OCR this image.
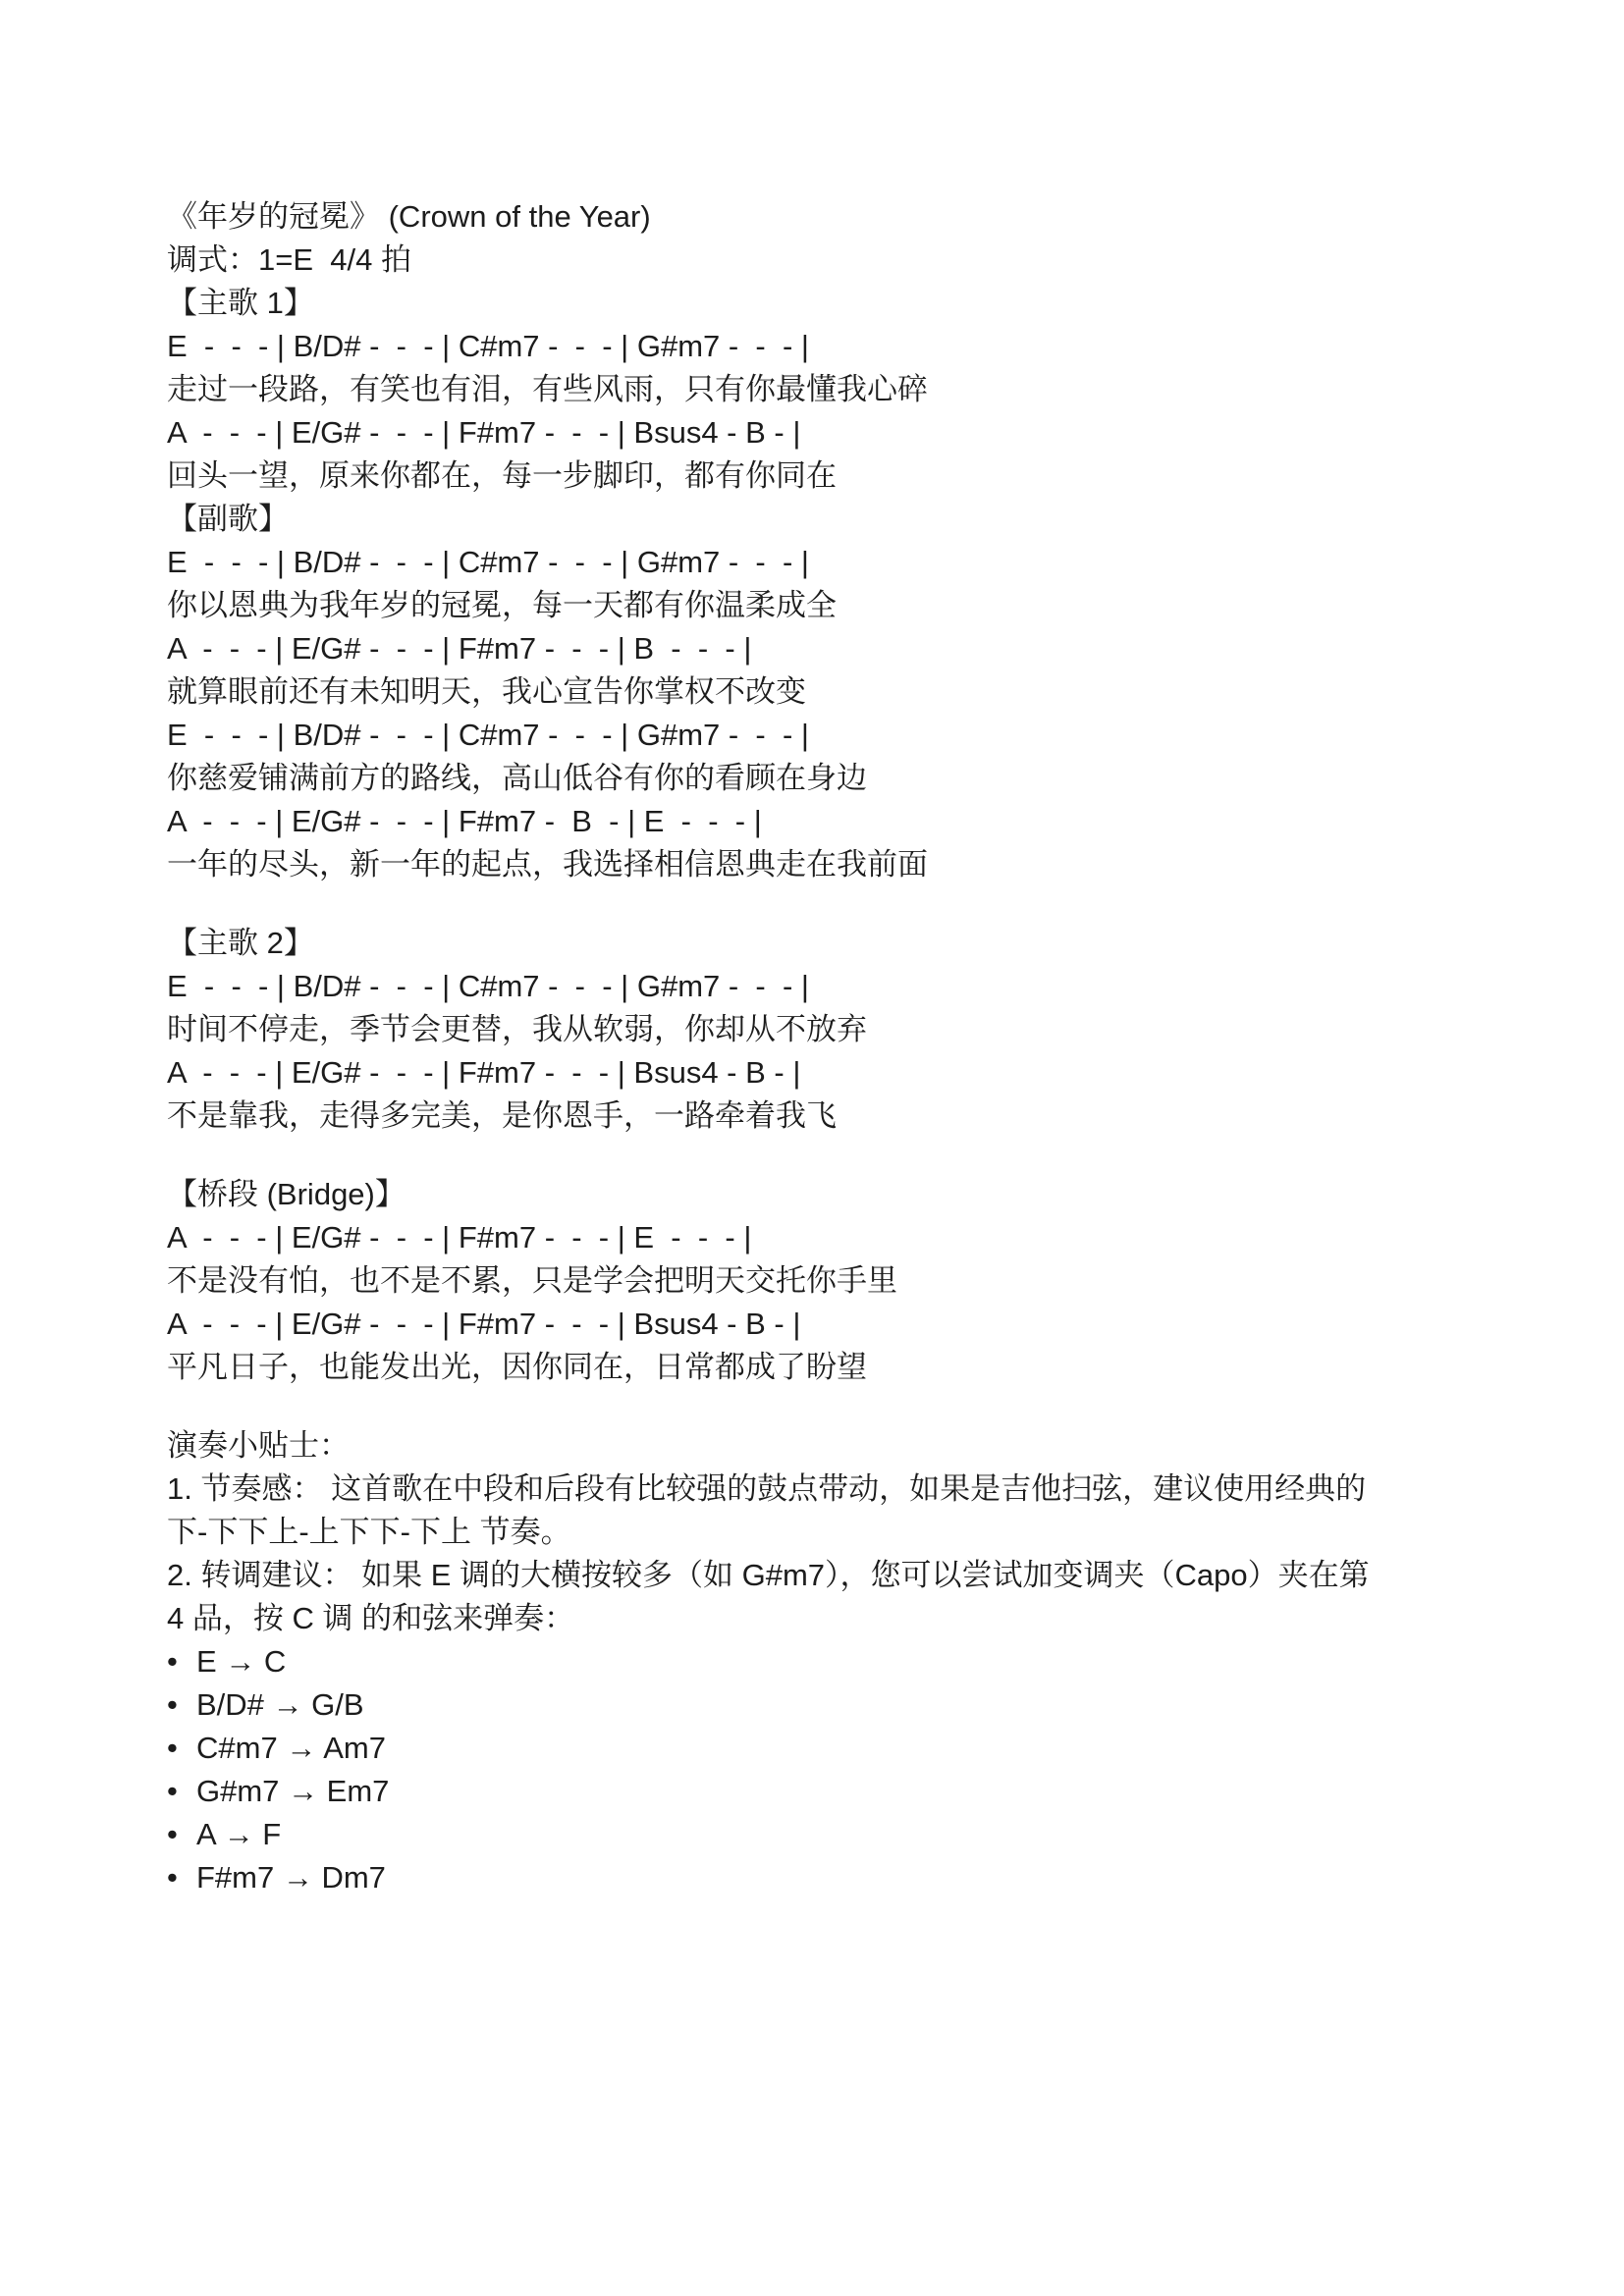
《年岁的冠冕》 (Crown of the Year)
调式：1=E  4/4 拍
【主歌 1】
E  -  -  - | B/D# -  -  - | C#m7 -  -  - | G#m7 -  -  - |
走过一段路，有笑也有泪，有些风雨，只有你最懂我心碎
A  -  -  - | E/G# -  -  - | F#m7 -  -  - | Bsus4 - B - |
回头一望，原来你都在，每一步脚印，都有你同在
【副歌】
E  -  -  - | B/D# -  -  - | C#m7 -  -  - | G#m7 -  -  - |
你以恩典为我年岁的冠冕，每一天都有你温柔成全
A  -  -  - | E/G# -  -  - | F#m7 -  -  - | B  -  -  - |
就算眼前还有未知明天，我心宣告你掌权不改变
E  -  -  - | B/D# -  -  - | C#m7 -  -  - | G#m7 -  -  - |
你慈爱铺满前方的路线，高山低谷有你的看顾在身边
A  -  -  - | E/G# -  -  - | F#m7 -  B  - | E  -  -  - |
一年的尽头，新一年的起点，我选择相信恩典走在我前面
【主歌 2】
E  -  -  - | B/D# -  -  - | C#m7 -  -  - | G#m7 -  -  - |
时间不停走，季节会更替，我从软弱，你却从不放弃
A  -  -  - | E/G# -  -  - | F#m7 -  -  - | Bsus4 - B - |
不是靠我，走得多完美，是你恩手，一路牵着我飞
【桥段 (Bridge)】
A  -  -  - | E/G# -  -  - | F#m7 -  -  - | E  -  -  - |
不是没有怕，也不是不累，只是学会把明天交托你手里
A  -  -  - | E/G# -  -  - | F#m7 -  -  - | Bsus4 - B - |
平凡日子，也能发出光，因你同在，日常都成了盼望
演奏小贴士：
1. 节奏感： 这首歌在中段和后段有比较强的鼓点带动，如果是吉他扫弦，建议使用经典的
下-下下上-上下下-下上 节奏。
2. 转调建议： 如果 E 调的大横按较多（如 G#m7），您可以尝试加变调夹（Capo）夹在第
4 品，按 C 调 的和弦来弹奏：
• E → C
• B/D# → G/B
• C#m7 → Am7
• G#m7 → Em7
• A → F
• F#m7 → Dm7
